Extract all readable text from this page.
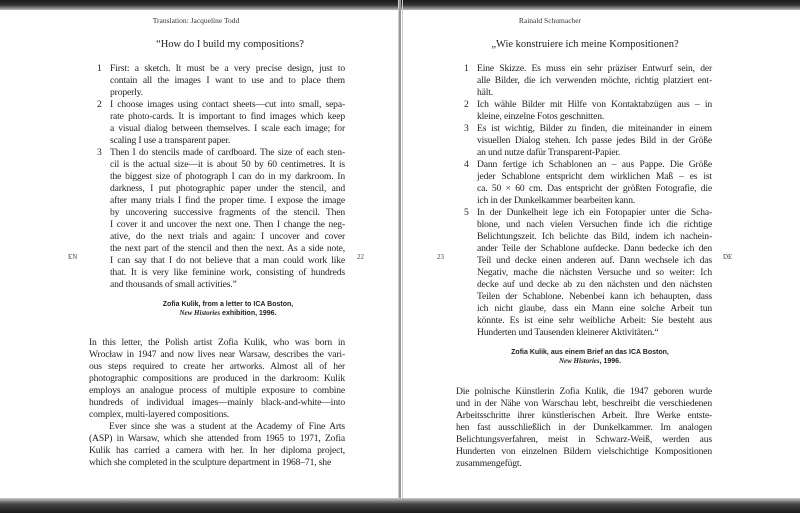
Translation: Jacqueline Todd
“How do I build my compositions?
EN	22
1 First: a sketch. It must be a very precise design, just to
contain all the images I want to use and to place them
properly.
2 I choose images using contact sheets—cut into small, sepa-
rate photo-cards. It is important to find images which keep
a visual dialog between themselves. I scale each image; for
scaling I use a transparent paper.
3 Then I do stencils made of cardboard. The size of each sten-
cil is the actual size—it is about 50 by 60 centimetres. It is
the biggest size of photograph I can do in my darkroom. In
darkness, I put photographic paper under the stencil, and
after many trials I find the proper time. I expose the image
by uncovering successive fragments of the stencil. Then
I cover it and uncover the next one. Then I change the neg-
ative, do the next trials and again: I uncover and cover
the next part of the stencil and then the next. As a side note,
I can say that I do not believe that a man could work like
that. It is very like feminine work, consisting of hundreds
and thousands of small activities.”
Zofia Kulik, from a letter to ICA Boston,
New Histories exhibition, 1996.
In this letter, the Polish artist Zofia Kulik, who was born in
Wrocław in 1947 and now lives near Warsaw, describes the vari-
ous steps required to create her artworks. Almost all of her
photographic compositions are produced in the darkroom: Kulik
employs an analogue process of multiple exposure to combine
hundreds of individual images—mainly black-and-white—into
complex, multi-layered compositions.
Ever since she was a student at the Academy of Fine Arts
(ASP) in Warsaw, which she attended from 1965 to 1971, Zofia
Kulik has carried a camera with her. In her diploma project,
which she completed in the sculpture department in 1968–71, she
Rainald Schumacher
„Wie konstruiere ich meine Kompositionen?
23	DE
1 Eine Skizze. Es muss ein sehr präziser Entwurf sein, der
alle Bilder, die ich verwenden möchte, richtig platziert ent-
hält.
2 Ich wähle Bilder mit Hilfe von Kontaktabzügen aus – in
kleine, einzelne Fotos geschnitten.
3 Es ist wichtig, Bilder zu finden, die miteinander in einem
visuellen Dialog stehen. Ich passe jedes Bild in der Größe
an und nutze dafür Transparent-Papier.
4 Dann fertige ich Schablonen an – aus Pappe. Die Größe
jeder Schablone entspricht dem wirklichen Maß – es ist
ca. 50 × 60 cm. Das entspricht der größten Fotografie, die
ich in der Dunkelkammer bearbeiten kann.
5 In der Dunkelheit lege ich ein Fotopapier unter die Scha-
blone, und nach vielen Versuchen finde ich die richtige
Belichtungszeit. Ich belichte das Bild, indem ich nachein-
ander Teile der Schablone aufdecke. Dann bedecke ich den
Teil und decke einen anderen auf. Dann wechsele ich das
Negativ, mache die nächsten Versuche und so weiter: Ich
decke auf und decke ab zu den nächsten und den nächsten
Teilen der Schablone. Nebenbei kann ich behaupten, dass
ich nicht glaube, dass ein Mann eine solche Arbeit tun
könnte. Es ist eine sehr weibliche Arbeit: Sie besteht aus
Hunderten und Tausenden kleinerer Aktivitäten.“
Zofia Kulik, aus einem Brief an das ICA Boston,
New Histories, 1996.
Die polnische Künstlerin Zofia Kulik, die 1947 geboren wurde
und in der Nähe von Warschau lebt, beschreibt die verschiedenen
Arbeitsschritte ihrer künstlerischen Arbeit. Ihre Werke entste-
hen fast ausschließlich in der Dunkelkammer. Im analogen
Belichtungsverfahren, meist in Schwarz-Weiß, werden aus
Hunderten von einzelnen Bildern vielschichtige Kompositionen
zusammengefügt.
